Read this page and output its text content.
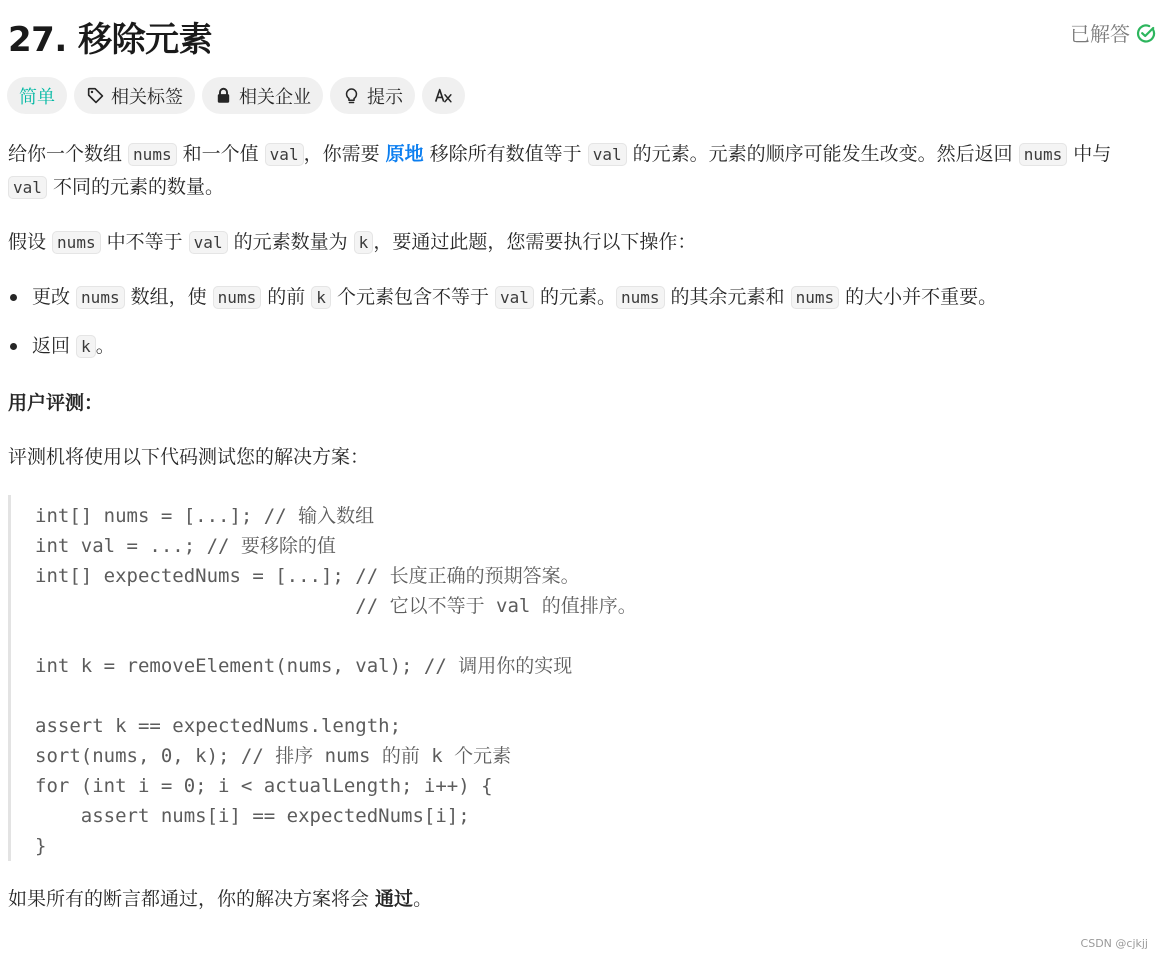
27. 移除元素	已解答
简单	相关标签	相关企业	提示

给你一个数组 nums 和一个值 val ，你需要 原地 移除所有数值等于 val 的元素。元素的顺序可能发生改变。然后返回 nums 中与 val 不同的元素的数量。

假设 nums 中不等于 val 的元素数量为 k ，要通过此题，您需要执行以下操作：

更改 nums 数组，使 nums 的前 k 个元素包含不等于 val 的元素。 nums 的其余元素和 nums 的大小并不重要。
返回 k 。

用户评测：

评测机将使用以下代码测试您的解决方案：

int[] nums = [...]; // 输入数组
int val = ...; // 要移除的值
int[] expectedNums = [...]; // 长度正确的预期答案。
// 它以不等于 val 的值排序。

int k = removeElement(nums, val); // 调用你的实现

assert k == expectedNums.length;
sort(nums, 0, k); // 排序 nums 的前 k 个元素
for (int i = 0; i < actualLength; i++) {
assert nums[i] == expectedNums[i];
}

如果所有的断言都通过，你的解决方案将会 通过。

CSDN @cjkjj
